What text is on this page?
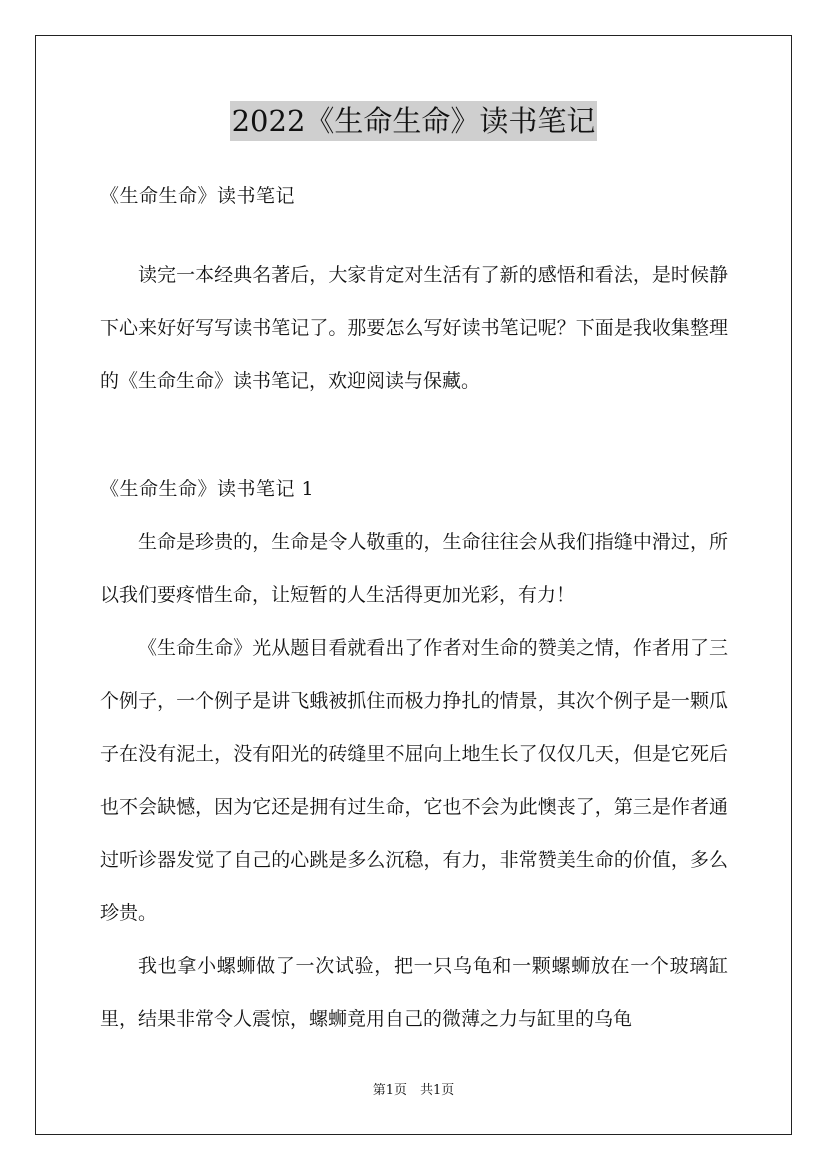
2022《生命生命》读书笔记

《生命生命》读书笔记

读完一本经典名著后，大家肯定对生活有了新的感悟和看法，是时候静下心来好好写写读书笔记了。那要怎么写好读书笔记呢？下面是我收集整理的《生命生命》读书笔记，欢迎阅读与保藏。

《生命生命》读书笔记 1

生命是珍贵的，生命是令人敬重的，生命往往会从我们指缝中滑过，所以我们要疼惜生命，让短暂的人生活得更加光彩，有力！

《生命生命》光从题目看就看出了作者对生命的赞美之情，作者用了三个例子，一个例子是讲飞蛾被抓住而极力挣扎的情景，其次个例子是一颗瓜子在没有泥土，没有阳光的砖缝里不屈向上地生长了仅仅几天，但是它死后也不会缺憾，因为它还是拥有过生命，它也不会为此懊丧了，第三是作者通过听诊器发觉了自己的心跳是多么沉稳，有力，非常赞美生命的价值，多么珍贵。

我也拿小螺蛳做了一次试验，把一只乌龟和一颗螺蛳放在一个玻璃缸里，结果非常令人震惊，螺蛳竟用自己的微薄之力与缸里的乌龟

第1页　共1页
